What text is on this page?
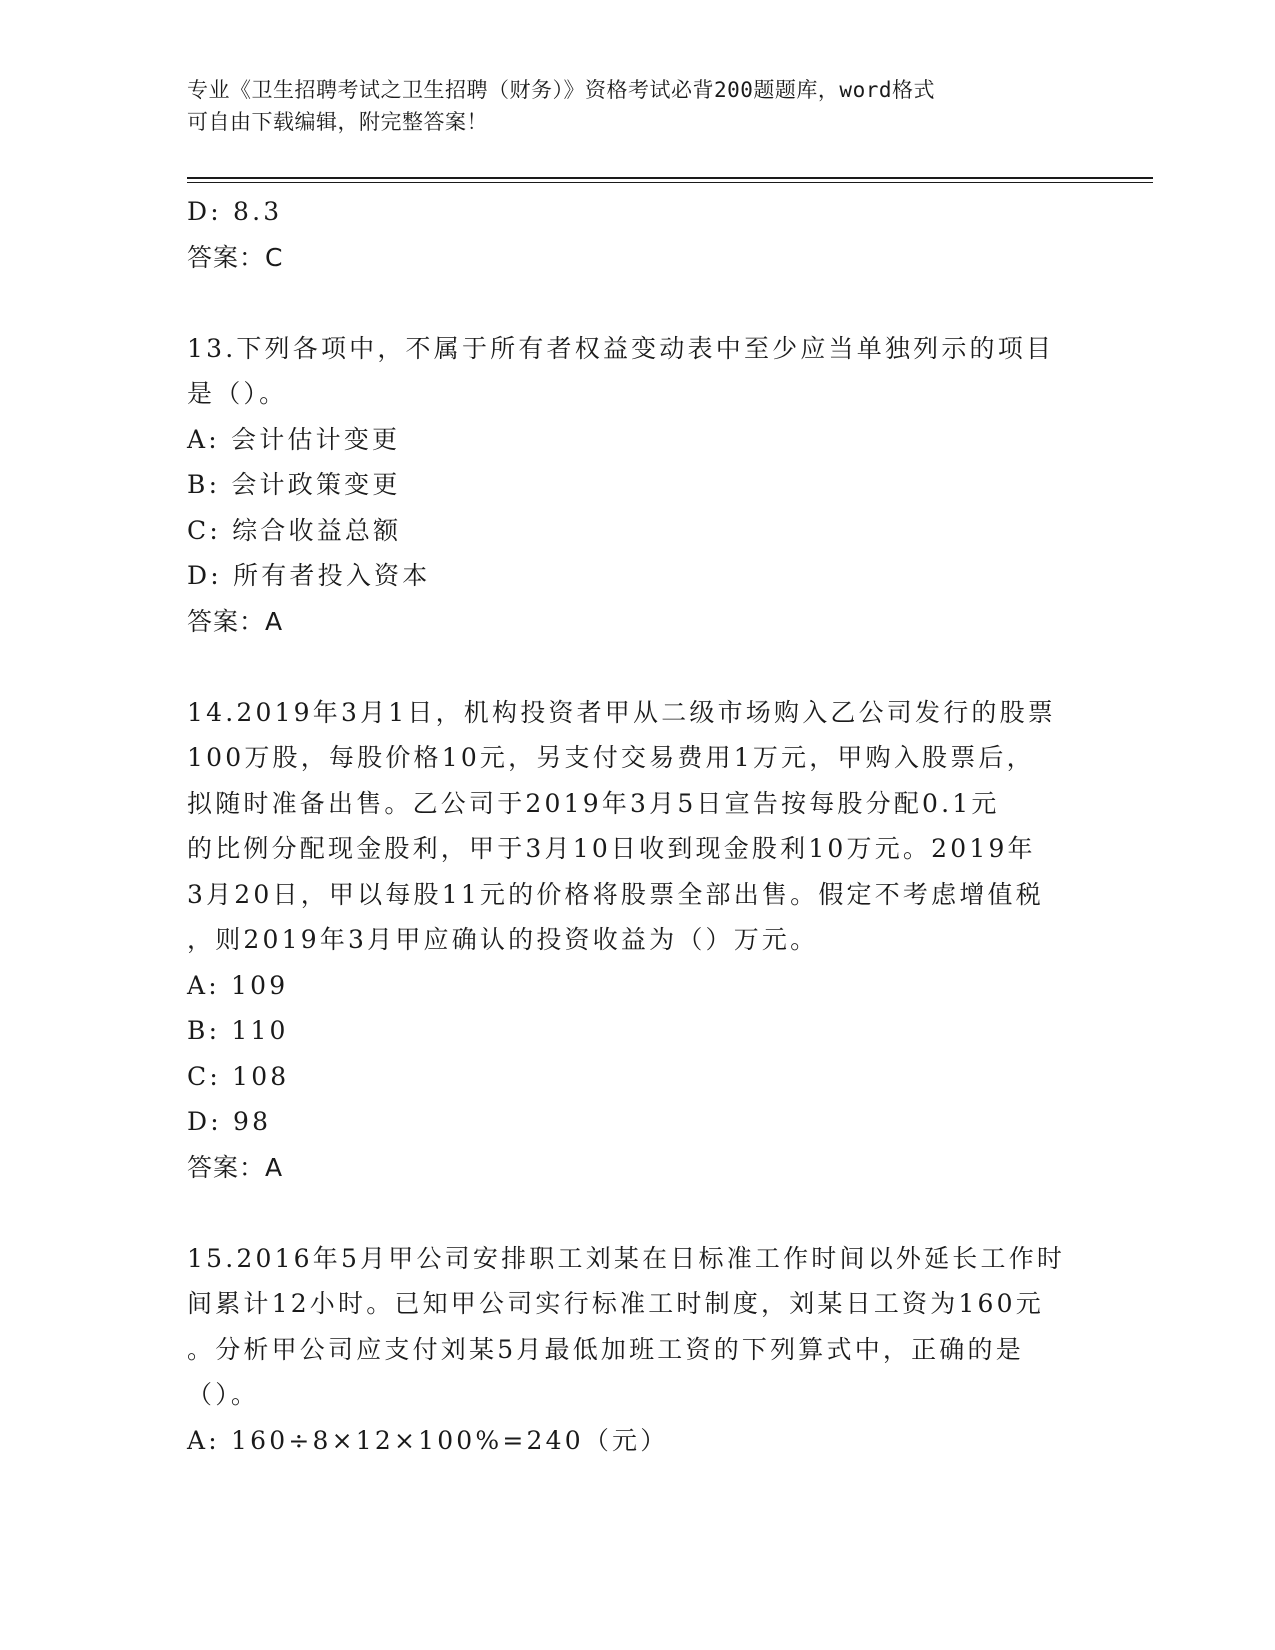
专业《卫生招聘考试之卫生招聘（财务）》资格考试必背200题题库，word格式
可自由下载编辑，附完整答案！
D: 8.3
答案：C
13.下列各项中，不属于所有者权益变动表中至少应当单独列示的项目
是（）。
A: 会计估计变更
B: 会计政策变更
C: 综合收益总额
D: 所有者投入资本
答案：A
14.2019年3月1日，机构投资者甲从二级市场购入乙公司发行的股票
100万股，每股价格10元，另支付交易费用1万元，甲购入股票后，
拟随时准备出售。乙公司于2019年3月5日宣告按每股分配0.1元
的比例分配现金股利，甲于3月10日收到现金股利10万元。2019年
3月20日，甲以每股11元的价格将股票全部出售。假定不考虑增值税
，则2019年3月甲应确认的投资收益为（）万元。
A: 109
B: 110
C: 108
D: 98
答案：A
15.2016年5月甲公司安排职工刘某在日标准工作时间以外延长工作时
间累计12小时。已知甲公司实行标准工时制度，刘某日工资为160元
。分析甲公司应支付刘某5月最低加班工资的下列算式中，正确的是
（）。
A: 160÷8×12×100%=240（元）
